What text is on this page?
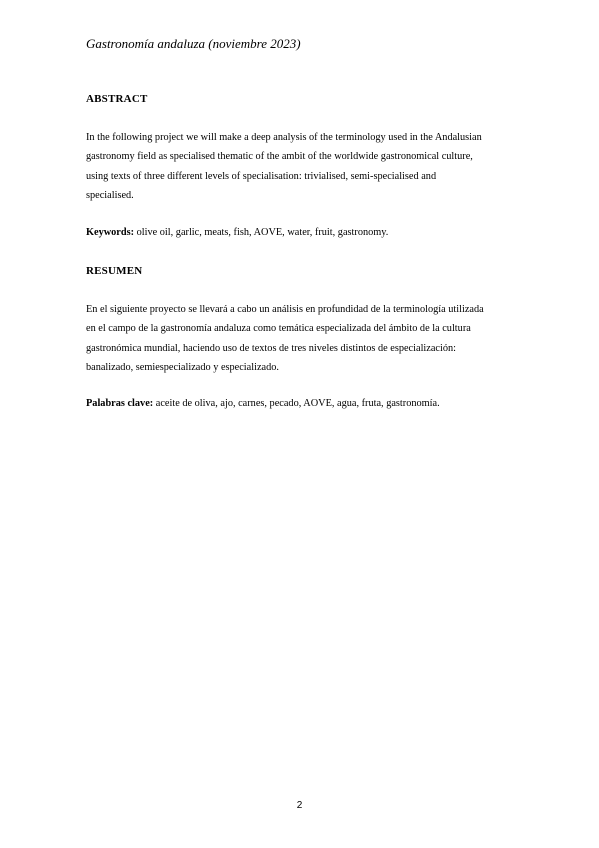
Gastronomía andaluza (noviembre 2023)
ABSTRACT
In the following project we will make a deep analysis of the terminology used in the Andalusian
gastronomy field as specialised thematic of the ambit of the worldwide gastronomical culture,
using texts of three different levels of specialisation: trivialised, semi-specialised and
specialised.
Keywords: olive oil, garlic, meats, fish, AOVE, water, fruit, gastronomy.
RESUMEN
En el siguiente proyecto se llevará a cabo un análisis en profundidad de la terminología utilizada
en el campo de la gastronomía andaluza como temática especializada del ámbito de la cultura
gastronómica mundial, haciendo uso de textos de tres niveles distintos de especialización:
banalizado, semiespecializado y especializado.
Palabras clave: aceite de oliva, ajo, carnes, pecado, AOVE, agua, fruta, gastronomía.
2
